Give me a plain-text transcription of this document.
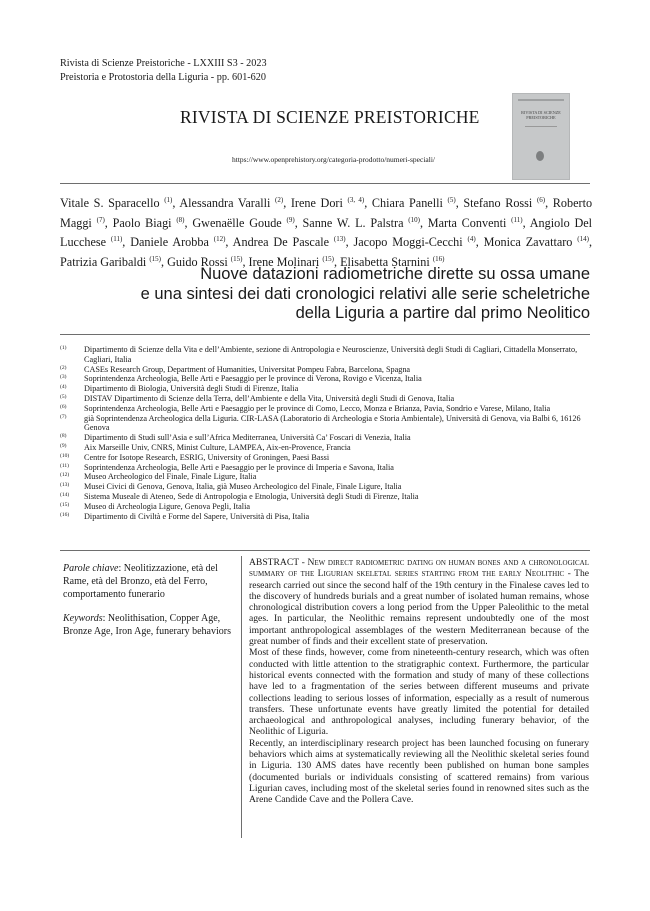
Rivista di Scienze Preistoriche - LXXIII S3 - 2023
Preistoria e Protostoria della Liguria - pp. 601-620
RIVISTA DI SCIENZE PREISTORICHE
https://www.openprehistory.org/categoria-prodotto/numeri-speciali/
RIVISTA DI SCIENZE PREISTORICHE
Vitale S. Sparacello $^{(1)}$, Alessandra Varalli $^{(2)}$, Irene Dori $^{(3, 4)}$, Chiara Panelli $^{(5)}$, Stefano Rossi $^{(6)}$, Roberto Maggi $^{(7)}$, Paolo Biagi $^{(8)}$, Gwenaëlle Goude $^{(9)}$, Sanne W. L. Palstra $^{(10)}$, Marta Conventi $^{(11)}$, Angiolo Del Lucchese $^{(11)}$, Daniele Arobba $^{(12)}$, Andrea De Pascale $^{(13)}$, Jacopo Moggi-Cecchi $^{(4)}$, Monica Zavattaro $^{(14)}$, Patrizia Garibaldi $^{(15)}$, Guido Rossi $^{(15)}$, Irene Molinari $^{(15)}$, Elisabetta Starnini $^{(16)}$
Nuove datazioni radiometriche dirette su ossa umane
e una sintesi dei dati cronologici relativi alle serie scheletriche
della Liguria a partire dal primo Neolitico
(1) Dipartimento di Scienze della Vita e dell’Ambiente, sezione di Antropologia e Neuroscienze, Università degli Studi di Cagliari, Cittadella Monserrato, Cagliari, Italia
(2) CASEs Research Group, Department of Humanities, Universitat Pompeu Fabra, Barcelona, Spagna
(3) Soprintendenza Archeologia, Belle Arti e Paesaggio per le province di Verona, Rovigo e Vicenza, Italia
(4) Dipartimento di Biologia, Università degli Studi di Firenze, Italia
(5) DISTAV Dipartimento di Scienze della Terra, dell’Ambiente e della Vita, Università degli Studi di Genova, Italia
(6) Soprintendenza Archeologia, Belle Arti e Paesaggio per le province di Como, Lecco, Monza e Brianza, Pavia, Sondrio e Varese, Milano, Italia
(7) già Soprintendenza Archeologica della Liguria. CIR-LASA (Laboratorio di Archeologia e Storia Ambientale), Università di Genova, via Balbi 6, 16126 Genova
(8) Dipartimento di Studi sull’Asia e sull’Africa Mediterranea, Università Ca’ Foscari di Venezia, Italia
(9) Aix Marseille Univ, CNRS, Minist Culture, LAMPEA, Aix-en-Provence, Francia
(10) Centre for Isotope Research, ESRIG, University of Groningen, Paesi Bassi
(11) Soprintendenza Archeologia, Belle Arti e Paesaggio per le province di Imperia e Savona, Italia
(12) Museo Archeologico del Finale, Finale Ligure, Italia
(13) Musei Civici di Genova, Genova, Italia, già Museo Archeologico del Finale, Finale Ligure, Italia
(14) Sistema Museale di Ateneo, Sede di Antropologia e Etnologia, Università degli Studi di Firenze, Italia
(15) Museo di Archeologia Ligure, Genova Pegli, Italia
(16) Dipartimento di Civiltà e Forme del Sapere, Università di Pisa, Italia

Parole chiave: Neolitizzazione, età del Rame, età del Bronzo, età del Ferro, comportamento funerario

Keywords: Neolithisation, Copper Age, Bronze Age, Iron Age, funerary behaviors

ABSTRACT - New direct radiometric dating on human bones and a chronological summary of the Ligurian skeletal series starting from the early Neolithic - The research carried out since the second half of the 19th century in the Finalese caves led to the discovery of hundreds burials and a great number of isolated human remains, whose chronological distribution covers a long period from the Upper Paleolithic to the metal ages. In particular, the Neolithic remains represent undoubtedly one of the most important anthropological assemblages of the western Mediterranean because of the great number of finds and their excellent state of preservation.

Most of these finds, however, come from nineteenth-century research, which was often conducted with little attention to the stratigraphic context. Furthermore, the particular historical events connected with the formation and study of many of these collections have led to a fragmentation of the series between different museums and private collections leading to serious losses of information, especially as a result of numerous transfers. These unfortunate events have greatly limited the potential for detailed archaeological and anthropological analyses, including funerary behavior, of the Neolithic of Liguria.

Recently, an interdisciplinary research project has been launched focusing on funerary behaviors which aims at systematically reviewing all the Neolithic skeletal series found in Liguria. 130 AMS dates have recently been published on human bone samples (documented burials or individuals consisting of scattered remains) from various Ligurian caves, including most of the skeletal series found in renowned sites such as the Arene Candide Cave and the Pollera Cave.
